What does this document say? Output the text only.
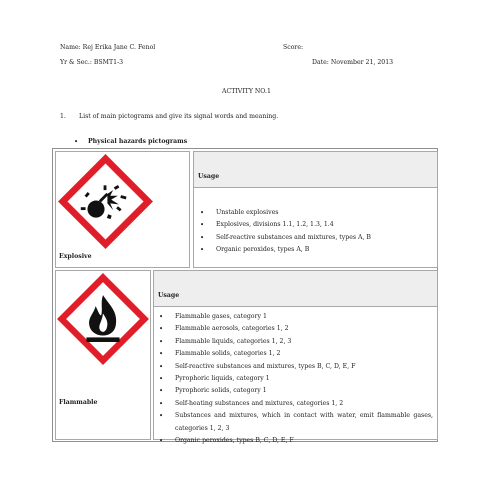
Name: Rej Erika Jane C. Fenol	Score:
Yr & Sec.: BSMT1-3	Date: November 21, 2013
ACTIVITY NO.1
1. List of main pictograms and give its signal words and meaning.
• Physical hazards pictograms
Explosive
Usage
• Unstable explosives
• Explosives, divisions 1.1, 1.2, 1.3, 1.4
• Self-reactive substances and mixtures, types A, B
• Organic peroxides, types A, B
Flammable
Usage
• Flammable gases, category 1
• Flammable aerosols, categories 1, 2
• Flammable liquids, categories 1, 2, 3
• Flammable solids, categories 1, 2
• Self-reactive substances and mixtures, types B, C, D, E, F
• Pyrophoric liquids, category 1
• Pyrophoric solids, category 1
• Self-heating substances and mixtures, categories 1, 2
• Substances and mixtures, which in contact with water, emit flammable gases, categories 1, 2, 3
• Organic peroxides, types B, C, D, E, F
